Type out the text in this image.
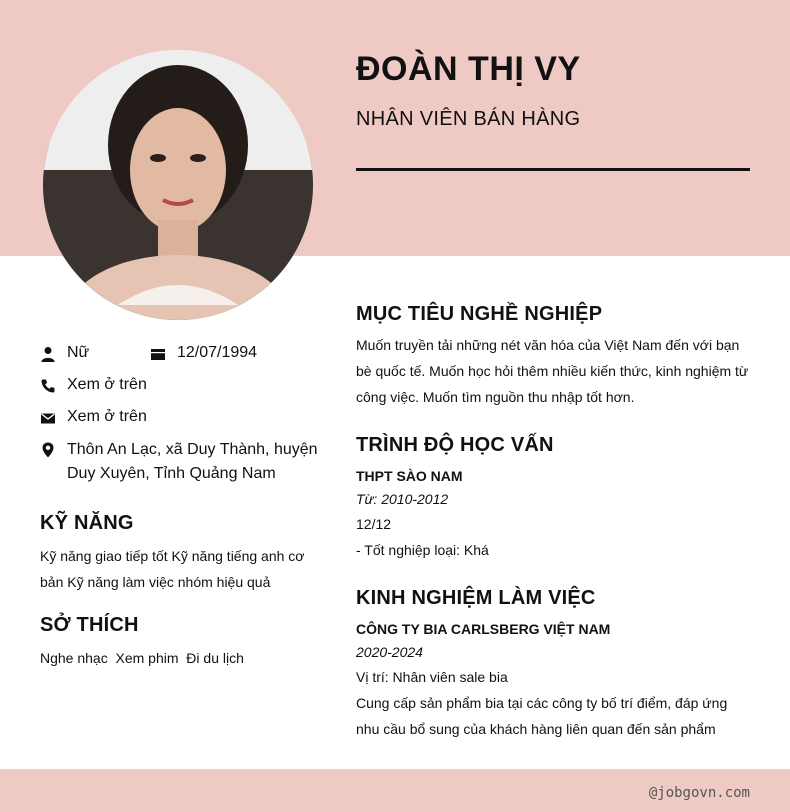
ĐOÀN THỊ VY
NHÂN VIÊN BÁN HÀNG
Nữ	12/07/1994
Xem ở trên
Xem ở trên
Thôn An Lạc, xã Duy Thành, huyện Duy Xuyên, Tỉnh Quảng Nam
KỸ NĂNG
Kỹ năng giao tiếp tốt Kỹ năng tiếng anh cơ bản Kỹ năng làm việc nhóm hiệu quả
SỞ THÍCH
Nghe nhạc  Xem phim  Đi du lịch
MỤC TIÊU NGHỀ NGHIỆP
Muốn truyền tải những nét văn hóa của Việt Nam đến với bạn bè quốc tế. Muốn học hỏi thêm nhiều kiến thức, kinh nghiệm từ công việc. Muốn tìm nguồn thu nhập tốt hơn.
TRÌNH ĐỘ HỌC VẤN
THPT SÀO NAM
Từ: 2010-2012
12/12
- Tốt nghiệp loại: Khá
KINH NGHIỆM LÀM VIỆC
CÔNG TY BIA CARLSBERG VIỆT NAM
2020-2024
Vị trí: Nhân viên sale bia
Cung cấp sản phẩm bia tại các công ty bố trí điểm, đáp ứng nhu cầu bổ sung của khách hàng liên quan đến sản phẩm
@jobgovn.com
